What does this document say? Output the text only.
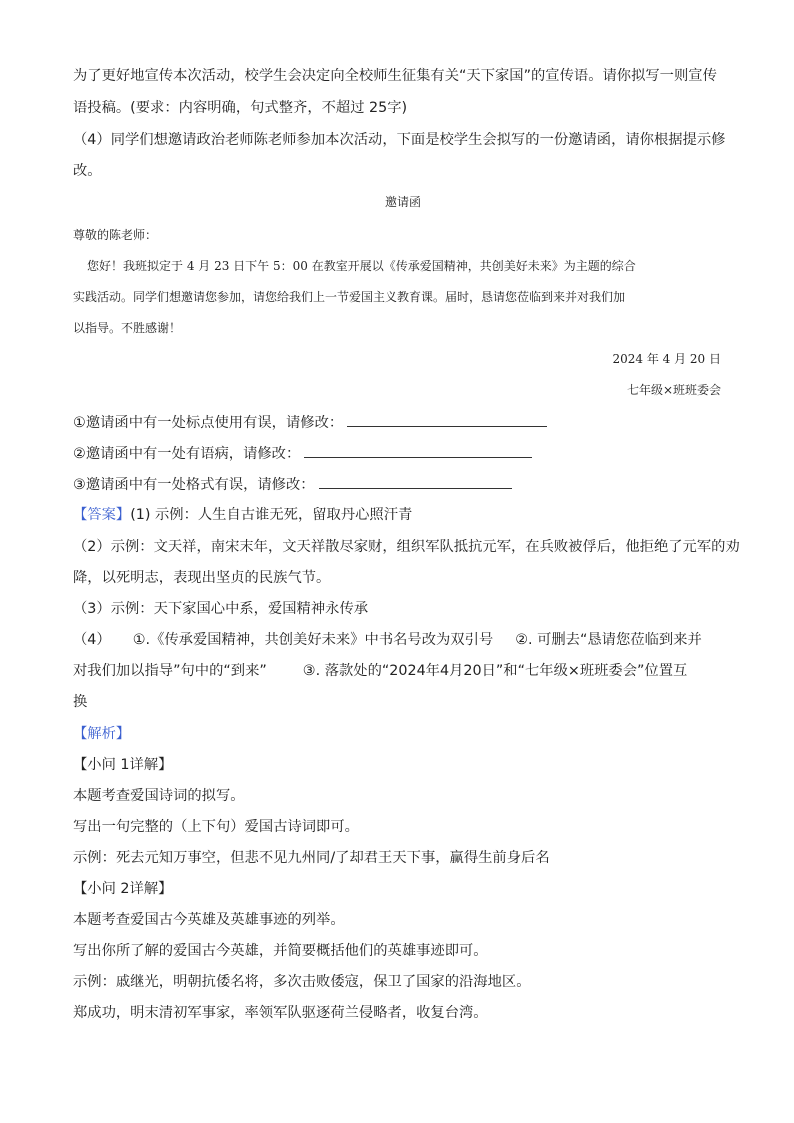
为了更好地宣传本次活动，校学生会决定向全校师生征集有关“天下家国”的宣传语。请你拟写一则宣传
语投稿。(要求：内容明确，句式整齐，不超过 25字)
（4）同学们想邀请政治老师陈老师参加本次活动，下面是校学生会拟写的一份邀请函，请你根据提示修
改。
邀请函
尊敬的陈老师：
您好！我班拟定于 4 月 23 日下午 5：00 在教室开展以《传承爱国精神，共创美好未来》为主题的综合
实践活动。同学们想邀请您参加，请您给我们上一节爱国主义教育课。届时，恳请您莅临到来并对我们加
以指导。不胜感谢！
2024 年 4 月 20 日
七年级×班班委会
①邀请函中有一处标点使用有误，请修改：
②邀请函中有一处有语病，请修改：
③邀请函中有一处格式有误，请修改：
【答案】(1) 示例：人生自古谁无死，留取丹心照汗青
（2）示例：文天祥，南宋末年，文天祥散尽家财，组织军队抵抗元军，在兵败被俘后，他拒绝了元军的劝
降，以死明志，表现出坚贞的民族气节。
（3）示例：天下家国心中系，爱国精神永传承
（4） ①.《传承爱国精神，共创美好未来》中书名号改为双引号 ②. 可删去“恳请您莅临到来并
对我们加以指导”句中的“到来”	③. 落款处的“2024年4月20日”和“七年级×班班委会”位置互
换
【解析】
【小问 1详解】
本题考查爱国诗词的拟写。
写出一句完整的（上下句）爱国古诗词即可。
示例：死去元知万事空，但悲不见九州同/了却君王天下事，赢得生前身后名
【小问 2详解】
本题考查爱国古今英雄及英雄事迹的列举。
写出你所了解的爱国古今英雄，并简要概括他们的英雄事迹即可。
示例：戚继光，明朝抗倭名将，多次击败倭寇，保卫了国家的沿海地区。
郑成功，明末清初军事家，率领军队驱逐荷兰侵略者，收复台湾。
